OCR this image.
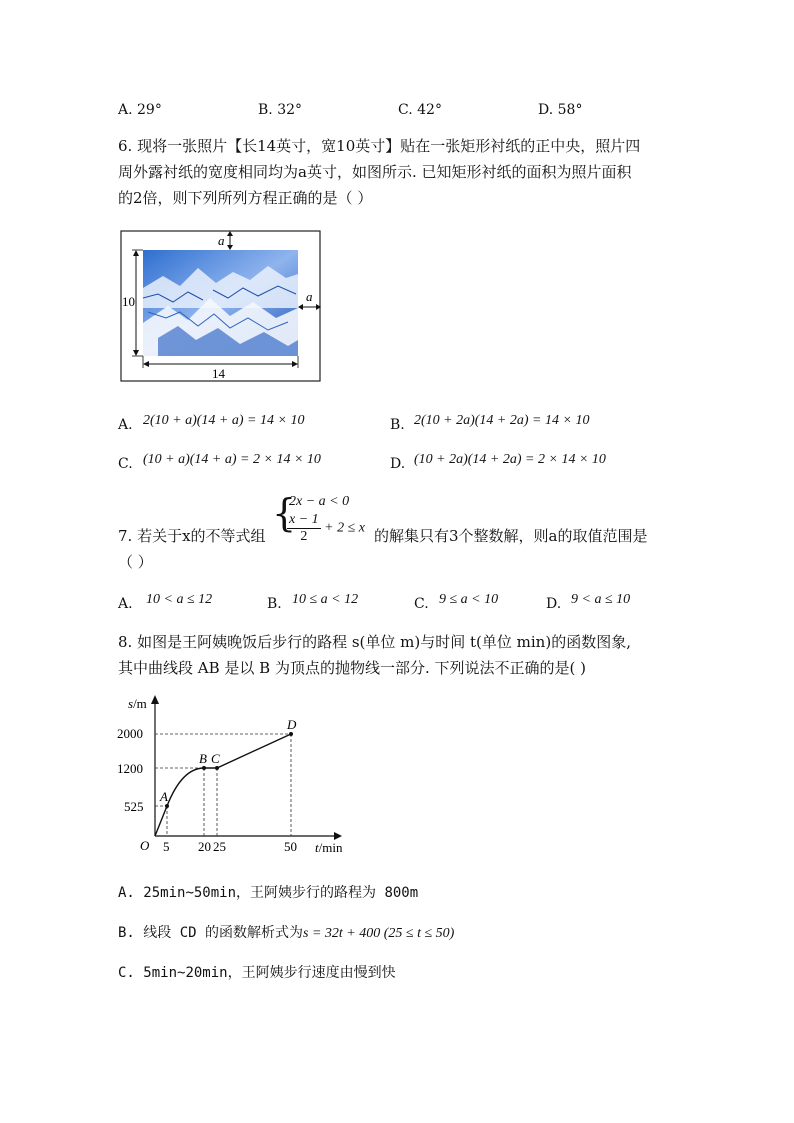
A. 29°	B. 32°	C. 42°	D. 58°
6. 现将一张照片【长14英寸，宽10英寸】贴在一张矩形衬纸的正中央，照片四
周外露衬纸的宽度相同均为a英寸，如图所示. 已知矩形衬纸的面积为照片面积
的2倍，则下列所列方程正确的是（ ）
a
a
10
14
A. 2(10 + a)(14 + a) = 14 × 10	B. 2(10 + 2a)(14 + 2a) = 14 × 10
C. (10 + a)(14 + a) = 2 × 14 × 10	D. (10 + 2a)(14 + 2a) = 2 × 14 × 10
7. 若关于x的不等式组
{
2x − a < 0
$\frac{x - 1}{2} + 2 \le x$ 的解集只有3个整数解，则a的取值范围是
（ ）
A. 10 < a ≤ 12	B. 10 ≤ a < 12	C. 9 ≤ a < 10	D. 9 < a ≤ 10
8. 如图是王阿姨晚饭后步行的路程 s(单位 m)与时间 t(单位 min)的函数图象,
其中曲线段 AB 是以 B 为顶点的抛物线一部分. 下列说法不正确的是( )
s/m
t/min
O
2000
1200
525
5 20 25	50
A
B C
D
A. 25min~50min，王阿姨步行的路程为 800m
B. 线段 CD 的函数解析式为s = 32t + 400 (25 ≤ t ≤ 50)
C. 5min~20min，王阿姨步行速度由慢到快
